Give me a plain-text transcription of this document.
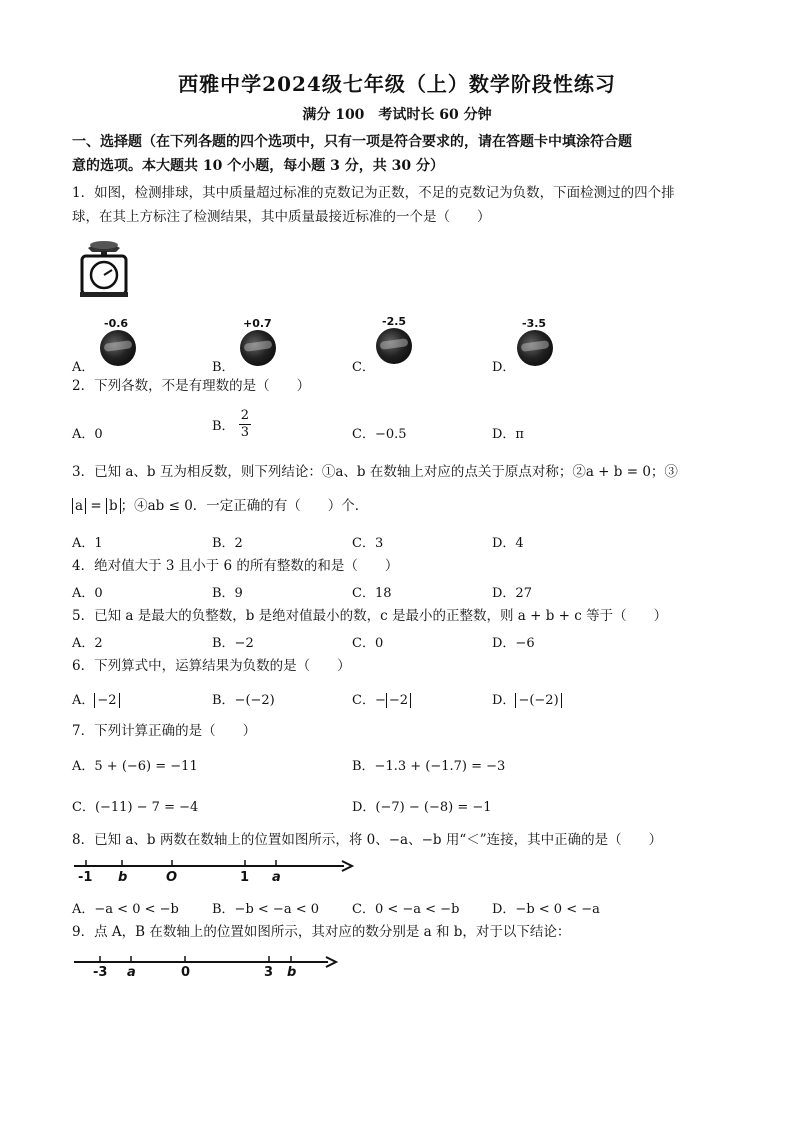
西雅中学2024级七年级（上）数学阶段性练习
满分 100　考试时长 60 分钟
一、选择题（在下列各题的四个选项中，只有一项是符合要求的，请在答题卡中填涂符合题
意的选项。本大题共 10 个小题，每小题 3 分，共 30 分）
1．如图，检测排球，其中质量超过标准的克数记为正数，不足的克数记为负数，下面检测过的四个排
球，在其上方标注了检测结果，其中质量最接近标准的一个是（　　）
A．	B．	C．	D．
-0.6	+0.7	-2.5	-3.5
2．下列各数，不是有理数的是（　　）
A．0
B． $\frac{2}{3}$	C．−0.5	D．π
3．已知 a、b 互为相反数，则下列结论：①a、b 在数轴上对应的点关于原点对称；②a + b = 0；③
a = b ；④ab ≤ 0．一定正确的有（　　）个．
A．1	B．2	C．3	D．4
4．绝对值大于 3 且小于 6 的所有整数的和是（　　）
A．0	B．9	C．18	D．27
5．已知 a 是最大的负整数，b 是绝对值最小的数，c 是最小的正整数，则 a + b + c 等于（　　）
A．2	B．−2	C．0	D．−6
6．下列算式中，运算结果为负数的是（　　）
A． −2	B．−(−2)	C．− −2	D． −(−2)
7．下列计算正确的是（　　）
A．5 + (−6) = −11	B．−1.3 + (−1.7) = −3
C．(−11) − 7 = −4	D．(−7) − (−8) = −1
8．已知 a、b 两数在数轴上的位置如图所示，将 0、−a、−b 用“＜”连接，其中正确的是（　　）
-1 b	O	1 a
A．−a < 0 < −b	B．−b < −a < 0	C．0 < −a < −b	D．−b < 0 < −a
9．点 A，B 在数轴上的位置如图所示，其对应的数分别是 a 和 b，对于以下结论：
-3 a	0	3 b
